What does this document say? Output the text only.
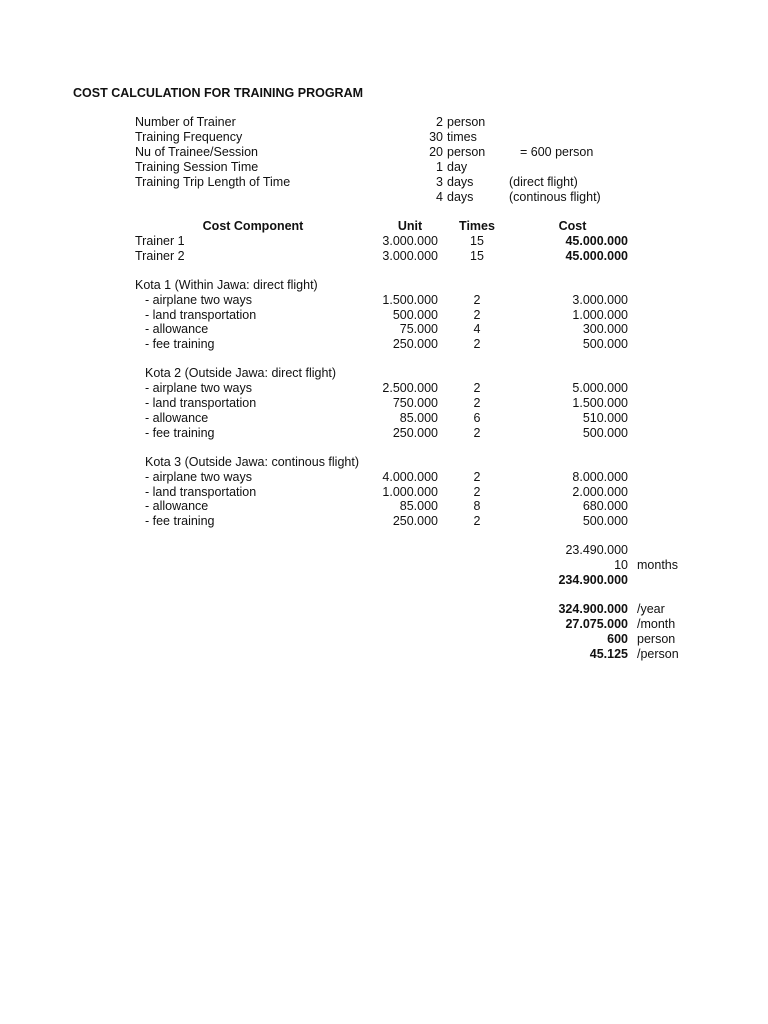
COST CALCULATION FOR TRAINING PROGRAM
Number of Trainer	2 person
Training Frequency	30 times
Nu of Trainee/Session	20 person	= 600 person
Training Session Time	1 day
Training Trip Length of Time	3 days	(direct flight)
4 days	(continous flight)
Cost Component	Unit	Times	Cost
Trainer 1	3.000.000	15	45.000.000
Trainer 2	3.000.000	15	45.000.000
Kota 1 (Within Jawa: direct flight)
- airplane two ways	1.500.000	2	3.000.000
- land transportation	500.000	2	1.000.000
- allowance	75.000	4	300.000
- fee training	250.000	2	500.000
Kota 2 (Outside Jawa: direct flight)
- airplane two ways	2.500.000	2	5.000.000
- land transportation	750.000	2	1.500.000
- allowance	85.000	6	510.000
- fee training	250.000	2	500.000
Kota 3 (Outside Jawa: continous flight)
- airplane two ways	4.000.000	2	8.000.000
- land transportation	1.000.000	2	2.000.000
- allowance	85.000	8	680.000
- fee training	250.000	2	500.000
23.490.000
10 months
234.900.000
324.900.000 /year
27.075.000 /month
600 person
45.125 /person
